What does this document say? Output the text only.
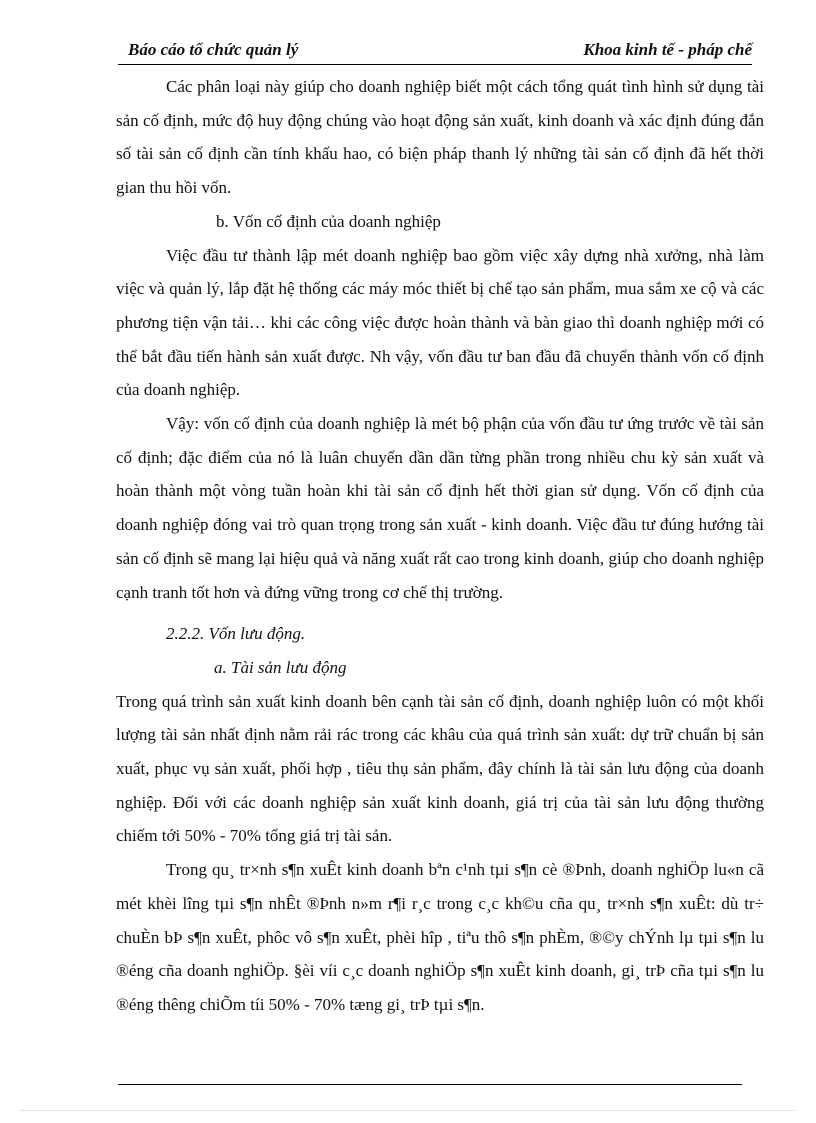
Báo cáo tổ chức quản lý	Khoa kinh tế - pháp chế

Các phân loại này giúp cho doanh nghiệp biết một cách tổng quát tình hình sử dụng tài sản cố định, mức độ huy động chúng vào hoạt động sản xuất, kinh doanh và xác định đúng đắn số tài sản cố định cần tính khấu hao, có biện pháp thanh lý những tài sản cố định đã hết thời gian thu hồi vốn.

b. Vốn cố định của doanh nghiệp

Việc đầu tư thành lập mét doanh nghiệp bao gồm việc xây dựng nhà xưởng, nhà làm việc và quản lý, lắp đặt hệ thống các máy móc thiết bị chế tạo sản phẩm, mua sắm xe cộ và các phương tiện vận tải… khi các công việc được hoàn thành và bàn giao thì doanh nghiệp mới có thể bắt đầu tiến hành sản xuất được. Nh vậy, vốn đầu tư ban đầu đã chuyển thành vốn cố định của doanh nghiệp.

Vậy: vốn cố định của doanh nghiệp là mét bộ phận của vốn đầu tư ứng trước về tài sản cố định; đặc điểm của nó là luân chuyển dần dần từng phần trong nhiều chu kỳ sản xuất và hoàn thành một vòng tuần hoàn khi tài sản cố định hết thời gian sử dụng. Vốn cố định của doanh nghiệp đóng vai trò quan trọng trong sản xuất - kinh doanh. Việc đầu tư đúng hướng tài sản cố định sẽ mang lại hiệu quả và năng xuất rất cao trong kinh doanh, giúp cho doanh nghiệp cạnh tranh tốt hơn và đứng vững trong cơ chế thị trường.

2.2.2. Vốn lưu động.

a. Tài sản lưu động

Trong quá trình sản xuất kinh doanh bên cạnh tài sản cố định, doanh nghiệp luôn có một khối lượng tài sản nhất định nằm rải rác trong các khâu của quá trình sản xuất: dự trữ chuẩn bị sản xuất, phục vụ sản xuất, phối hợp , tiêu thụ sản phẩm, đây chính là tài sản lưu động của doanh nghiệp. Đối với các doanh nghiệp sản xuất kinh doanh, giá trị của tài sản lưu động thường chiếm tới 50% - 70% tổng giá trị tài sản.

Trong qu¸ tr×nh s¶n xuÊt kinh doanh bªn c¹nh tµi s¶n cè ®Þnh, doanh nghiÖp lu«n cã mét khèi lîng tµi s¶n nhÊt ®Þnh n»m r¶i r¸c trong c¸c kh©u cña qu¸ tr×nh s¶n xuÊt: dù tr÷ chuÈn bÞ s¶n xuÊt, phôc vô s¶n xuÊt, phèi hîp , tiªu thô s¶n phÈm, ®©y chÝnh lµ tµi s¶n lu ®éng cña doanh nghiÖp. §èi víi c¸c doanh nghiÖp s¶n xuÊt kinh doanh, gi¸ trÞ cña tµi s¶n lu ®éng thêng chiÕm tíi 50% - 70% tæng gi¸ trÞ tµi s¶n.
